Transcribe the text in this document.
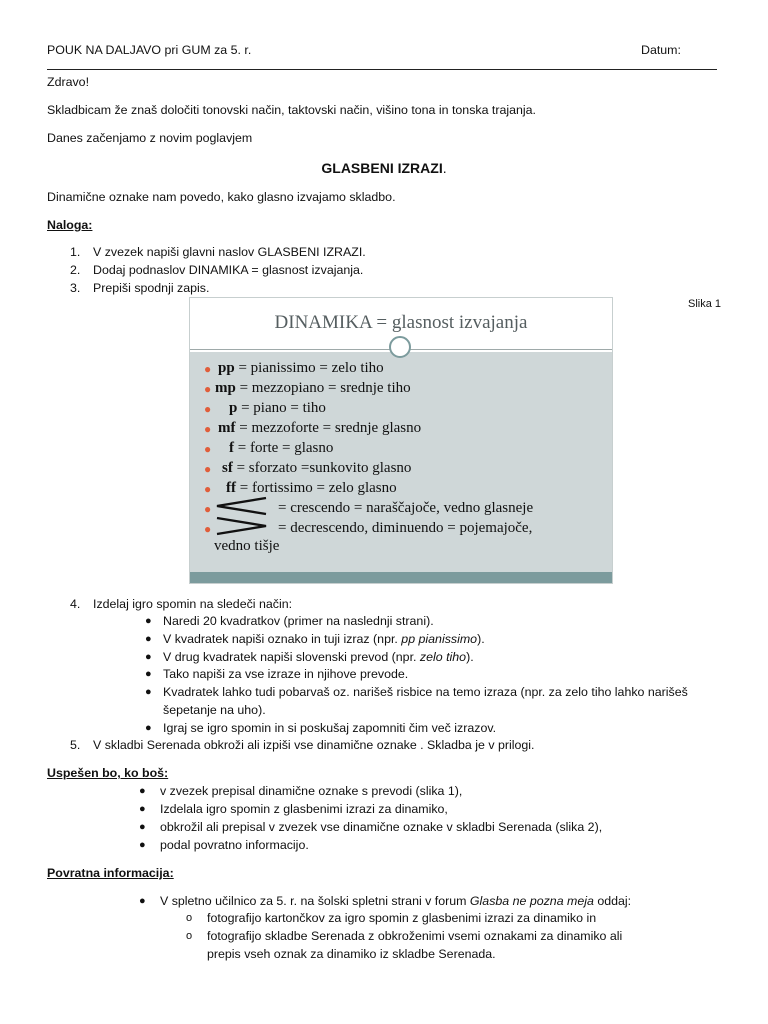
POUK NA DALJAVO pri GUM za 5. r.	Datum:
Zdravo!
Skladbicam že znaš določiti tonovski način, taktovski način, višino tona in tonska trajanja.
Danes začenjamo z novim poglavjem
GLASBENI IZRAZI.
Dinamične oznake nam povedo, kako glasno izvajamo skladbo.
Naloga:
1. V zvezek napiši glavni naslov GLASBENI IZRAZI.
2. Dodaj podnaslov DINAMIKA = glasnost izvajanja.
3. Prepiši spodnji zapis.
Slika 1
DINAMIKA = glasnost izvajanja
● pp = pianissimo = zelo tiho
● mp = mezzopiano = srednje tiho
● p = piano = tiho
● mf = mezzoforte = srednje glasno
● f = forte = glasno
● sf = sforzato =sunkovito glasno
● ff = fortissimo = zelo glasno
●	= crescendo = naraščajoče, vedno glasneje
●	= decrescendo, diminuendo = pojemajoče,
vedno tišje
4. Izdelaj igro spomin na sledeči način:
● Naredi 20 kvadratkov (primer na naslednji strani).
● V kvadratek napiši oznako in tuji izraz (npr. pp pianissimo).
● V drug kvadratek napiši slovenski prevod (npr. zelo tiho).
● Tako napiši za vse izraze in njihove prevode.
● Kvadratek lahko tudi pobarvaš oz. narišeš risbice na temo izraza (npr. za zelo tiho lahko narišeš
šepetanje na uho).
● Igraj se igro spomin in si poskušaj zapomniti čim več izrazov.
5. V skladbi Serenada obkroži ali izpiši vse dinamične oznake . Skladba je v prilogi.
Uspešen bo, ko boš:
● v zvezek prepisal dinamične oznake s prevodi (slika 1),
● Izdelala igro spomin z glasbenimi izrazi za dinamiko,
● obkrožil ali prepisal v zvezek vse dinamične oznake v skladbi Serenada (slika 2),
● podal povratno informacijo.
Povratna informacija:
● V spletno učilnico za 5. r. na šolski spletni strani v forum Glasba ne pozna meja oddaj:
o fotografijo kartončkov za igro spomin z glasbenimi izrazi za dinamiko in
o fotografijo skladbe Serenada z obkroženimi vsemi oznakami za dinamiko ali
prepis vseh oznak za dinamiko iz skladbe Serenada.
